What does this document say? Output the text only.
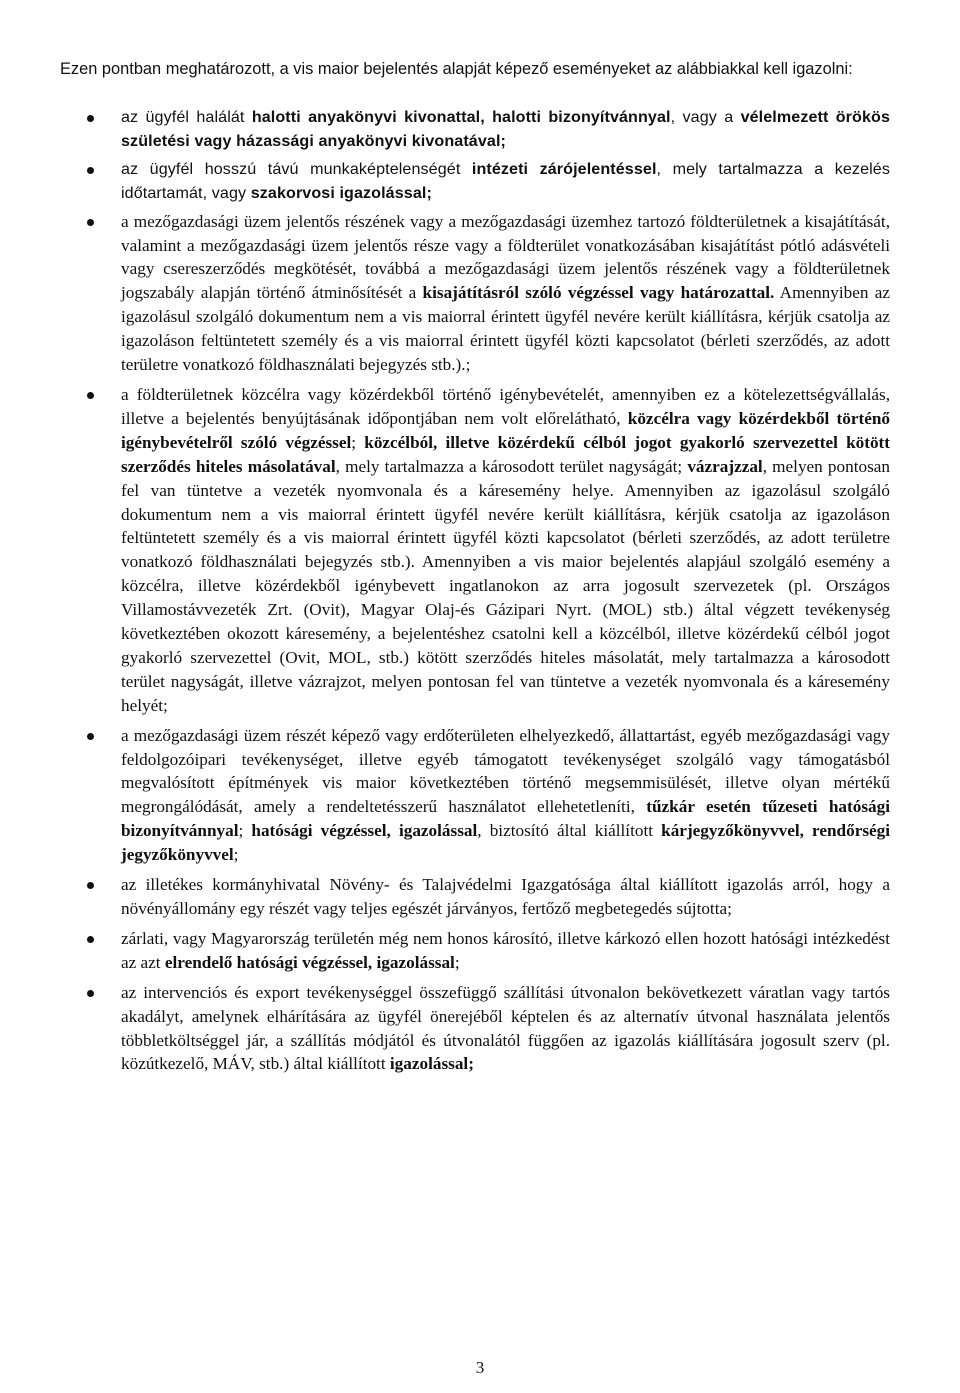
Ezen pontban meghatározott, a vis maior bejelentés alapját képező eseményeket az alábbiakkal kell igazolni:

az ügyfél halálát halotti anyakönyvi kivonattal, halotti bizonyítvánnyal, vagy a vélelmezett örökös születési vagy házassági anyakönyvi kivonatával;
az ügyfél hosszú távú munkaképtelenségét intézeti zárójelentéssel, mely tartalmazza a kezelés időtartamát, vagy szakorvosi igazolással;
a mezőgazdasági üzem jelentős részének vagy a mezőgazdasági üzemhez tartozó földterületnek a kisajátítását, valamint a mezőgazdasági üzem jelentős része vagy a földterület vonatkozásában kisajátítást pótló adásvételi vagy csereszerződés megkötését, továbbá a mezőgazdasági üzem jelentős részének vagy a földterületnek jogszabály alapján történő átminősítését a kisajátításról szóló végzéssel vagy határozattal. Amennyiben az igazolásul szolgáló dokumentum nem a vis maiorral érintett ügyfél nevére került kiállításra, kérjük csatolja az igazoláson feltüntetett személy és a vis maiorral érintett ügyfél közti kapcsolatot (bérleti szerződés, az adott területre vonatkozó földhasználati bejegyzés stb.).;
a földterületnek közcélra vagy közérdekből történő igénybevételét, amennyiben ez a kötelezettségvállalás, illetve a bejelentés benyújtásának időpontjában nem volt előrelátható, közcélra vagy közérdekből történő igénybevételről szóló végzéssel; közcélból, illetve közérdekű célból jogot gyakorló szervezettel kötött szerződés hiteles másolatával, mely tartalmazza a károsodott terület nagyságát; vázrajzzal, melyen pontosan fel van tüntetve a vezeték nyomvonala és a káresemény helye. Amennyiben az igazolásul szolgáló dokumentum nem a vis maiorral érintett ügyfél nevére került kiállításra, kérjük csatolja az igazoláson feltüntetett személy és a vis maiorral érintett ügyfél közti kapcsolatot (bérleti szerződés, az adott területre vonatkozó földhasználati bejegyzés stb.). Amennyiben a vis maior bejelentés alapjául szolgáló esemény a közcélra, illetve közérdekből igénybevett ingatlanokon az arra jogosult szervezetek (pl. Országos Villamostávvezeték Zrt. (Ovit), Magyar Olaj-és Gázipari Nyrt. (MOL) stb.) által végzett tevékenység következtében okozott káresemény, a bejelentéshez csatolni kell a közcélból, illetve közérdekű célból jogot gyakorló szervezettel (Ovit, MOL, stb.) kötött szerződés hiteles másolatát, mely tartalmazza a károsodott terület nagyságát, illetve vázrajzot, melyen pontosan fel van tüntetve a vezeték nyomvonala és a káresemény helyét;
a mezőgazdasági üzem részét képező vagy erdőterületen elhelyezkedő, állattartást, egyéb mezőgazdasági vagy feldolgozóipari tevékenységet, illetve egyéb támogatott tevékenységet szolgáló vagy támogatásból megvalósított építmények vis maior következtében történő megsemmisülését, illetve olyan mértékű megrongálódását, amely a rendeltetésszerű használatot ellehetetleníti, tűzkár esetén tűzeseti hatósági bizonyítvánnyal; hatósági végzéssel, igazolással, biztosító által kiállított kárjegyzőkönyvvel, rendőrségi jegyzőkönyvvel;
az illetékes kormányhivatal Növény- és Talajvédelmi Igazgatósága által kiállított igazolás arról, hogy a növényállomány egy részét vagy teljes egészét járványos, fertőző megbetegedés sújtotta;
zárlati, vagy Magyarország területén még nem honos károsító, illetve kárkozó ellen hozott hatósági intézkedést az azt elrendelő hatósági végzéssel, igazolással;
az intervenciós és export tevékenységgel összefüggő szállítási útvonalon bekövetkezett váratlan vagy tartós akadályt, amelynek elhárítására az ügyfél önerejéből képtelen és az alternatív útvonal használata jelentős többletköltséggel jár, a szállítás módjától és útvonalától függően az igazolás kiállítására jogosult szerv (pl. közútkezelő, MÁV, stb.) által kiállított igazolással;
3
